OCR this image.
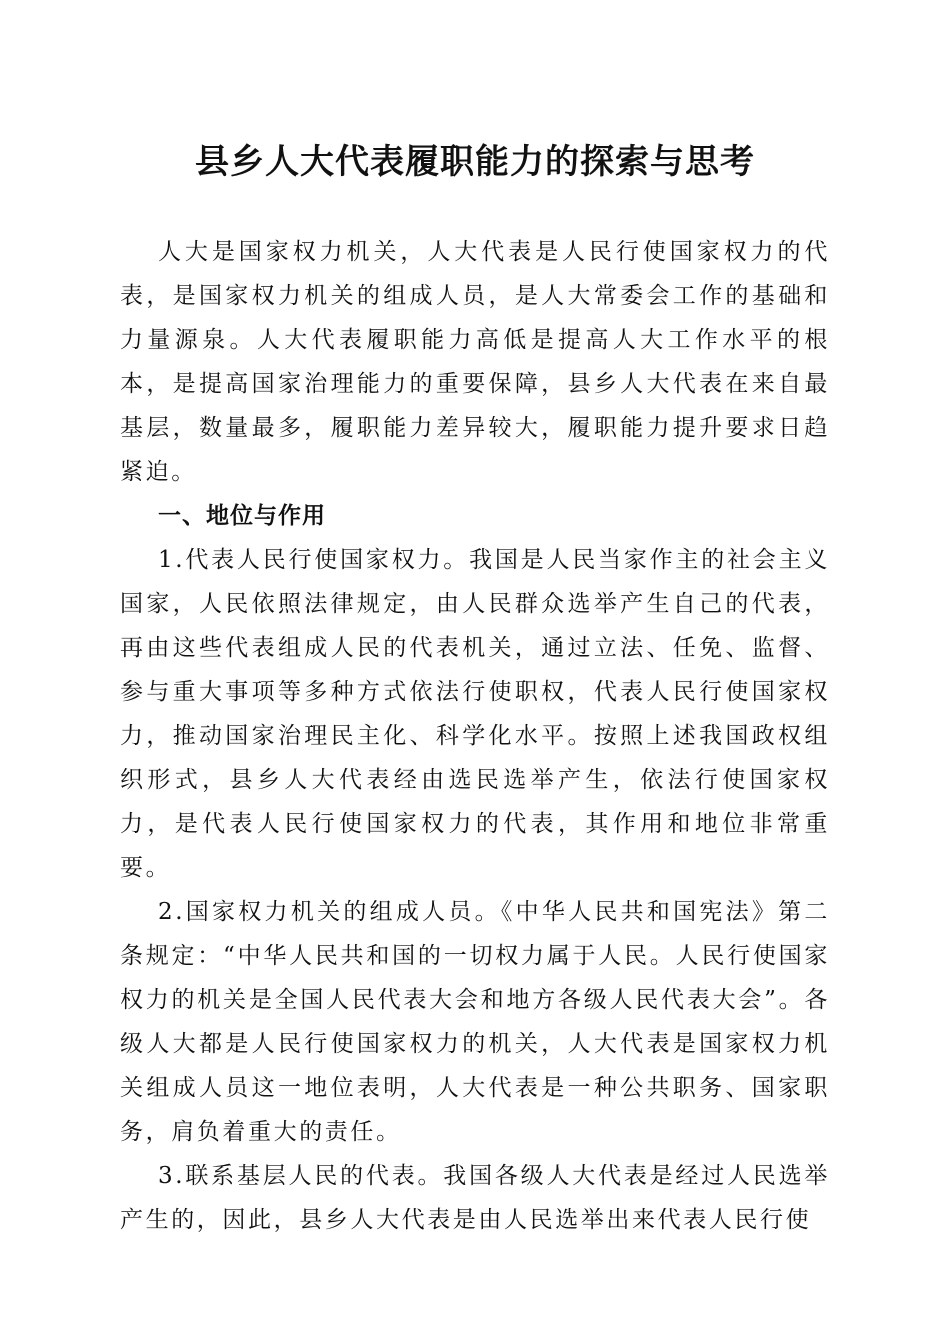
县乡人大代表履职能力的探索与思考

人大是国家权力机关，人大代表是人民行使国家权力的代表，是国家权力机关的组成人员，是人大常委会工作的基础和力量源泉。人大代表履职能力高低是提高人大工作水平的根本，是提高国家治理能力的重要保障，县乡人大代表在来自最基层，数量最多，履职能力差异较大，履职能力提升要求日趋紧迫。

一、地位与作用

1.代表人民行使国家权力。我国是人民当家作主的社会主义国家，人民依照法律规定，由人民群众选举产生自己的代表，再由这些代表组成人民的代表机关，通过立法、任免、监督、参与重大事项等多种方式依法行使职权，代表人民行使国家权力，推动国家治理民主化、科学化水平。按照上述我国政权组织形式，县乡人大代表经由选民选举产生，依法行使国家权力，是代表人民行使国家权力的代表，其作用和地位非常重要。

2.国家权力机关的组成人员。《中华人民共和国宪法》第二条规定：“中华人民共和国的一切权力属于人民。人民行使国家权力的机关是全国人民代表大会和地方各级人民代表大会”。各级人大都是人民行使国家权力的机关，人大代表是国家权力机关组成人员这一地位表明，人大代表是一种公共职务、国家职务，肩负着重大的责任。

3.联系基层人民的代表。我国各级人大代表是经过人民选举产生的，因此，县乡人大代表是由人民选举出来代表人民行使
